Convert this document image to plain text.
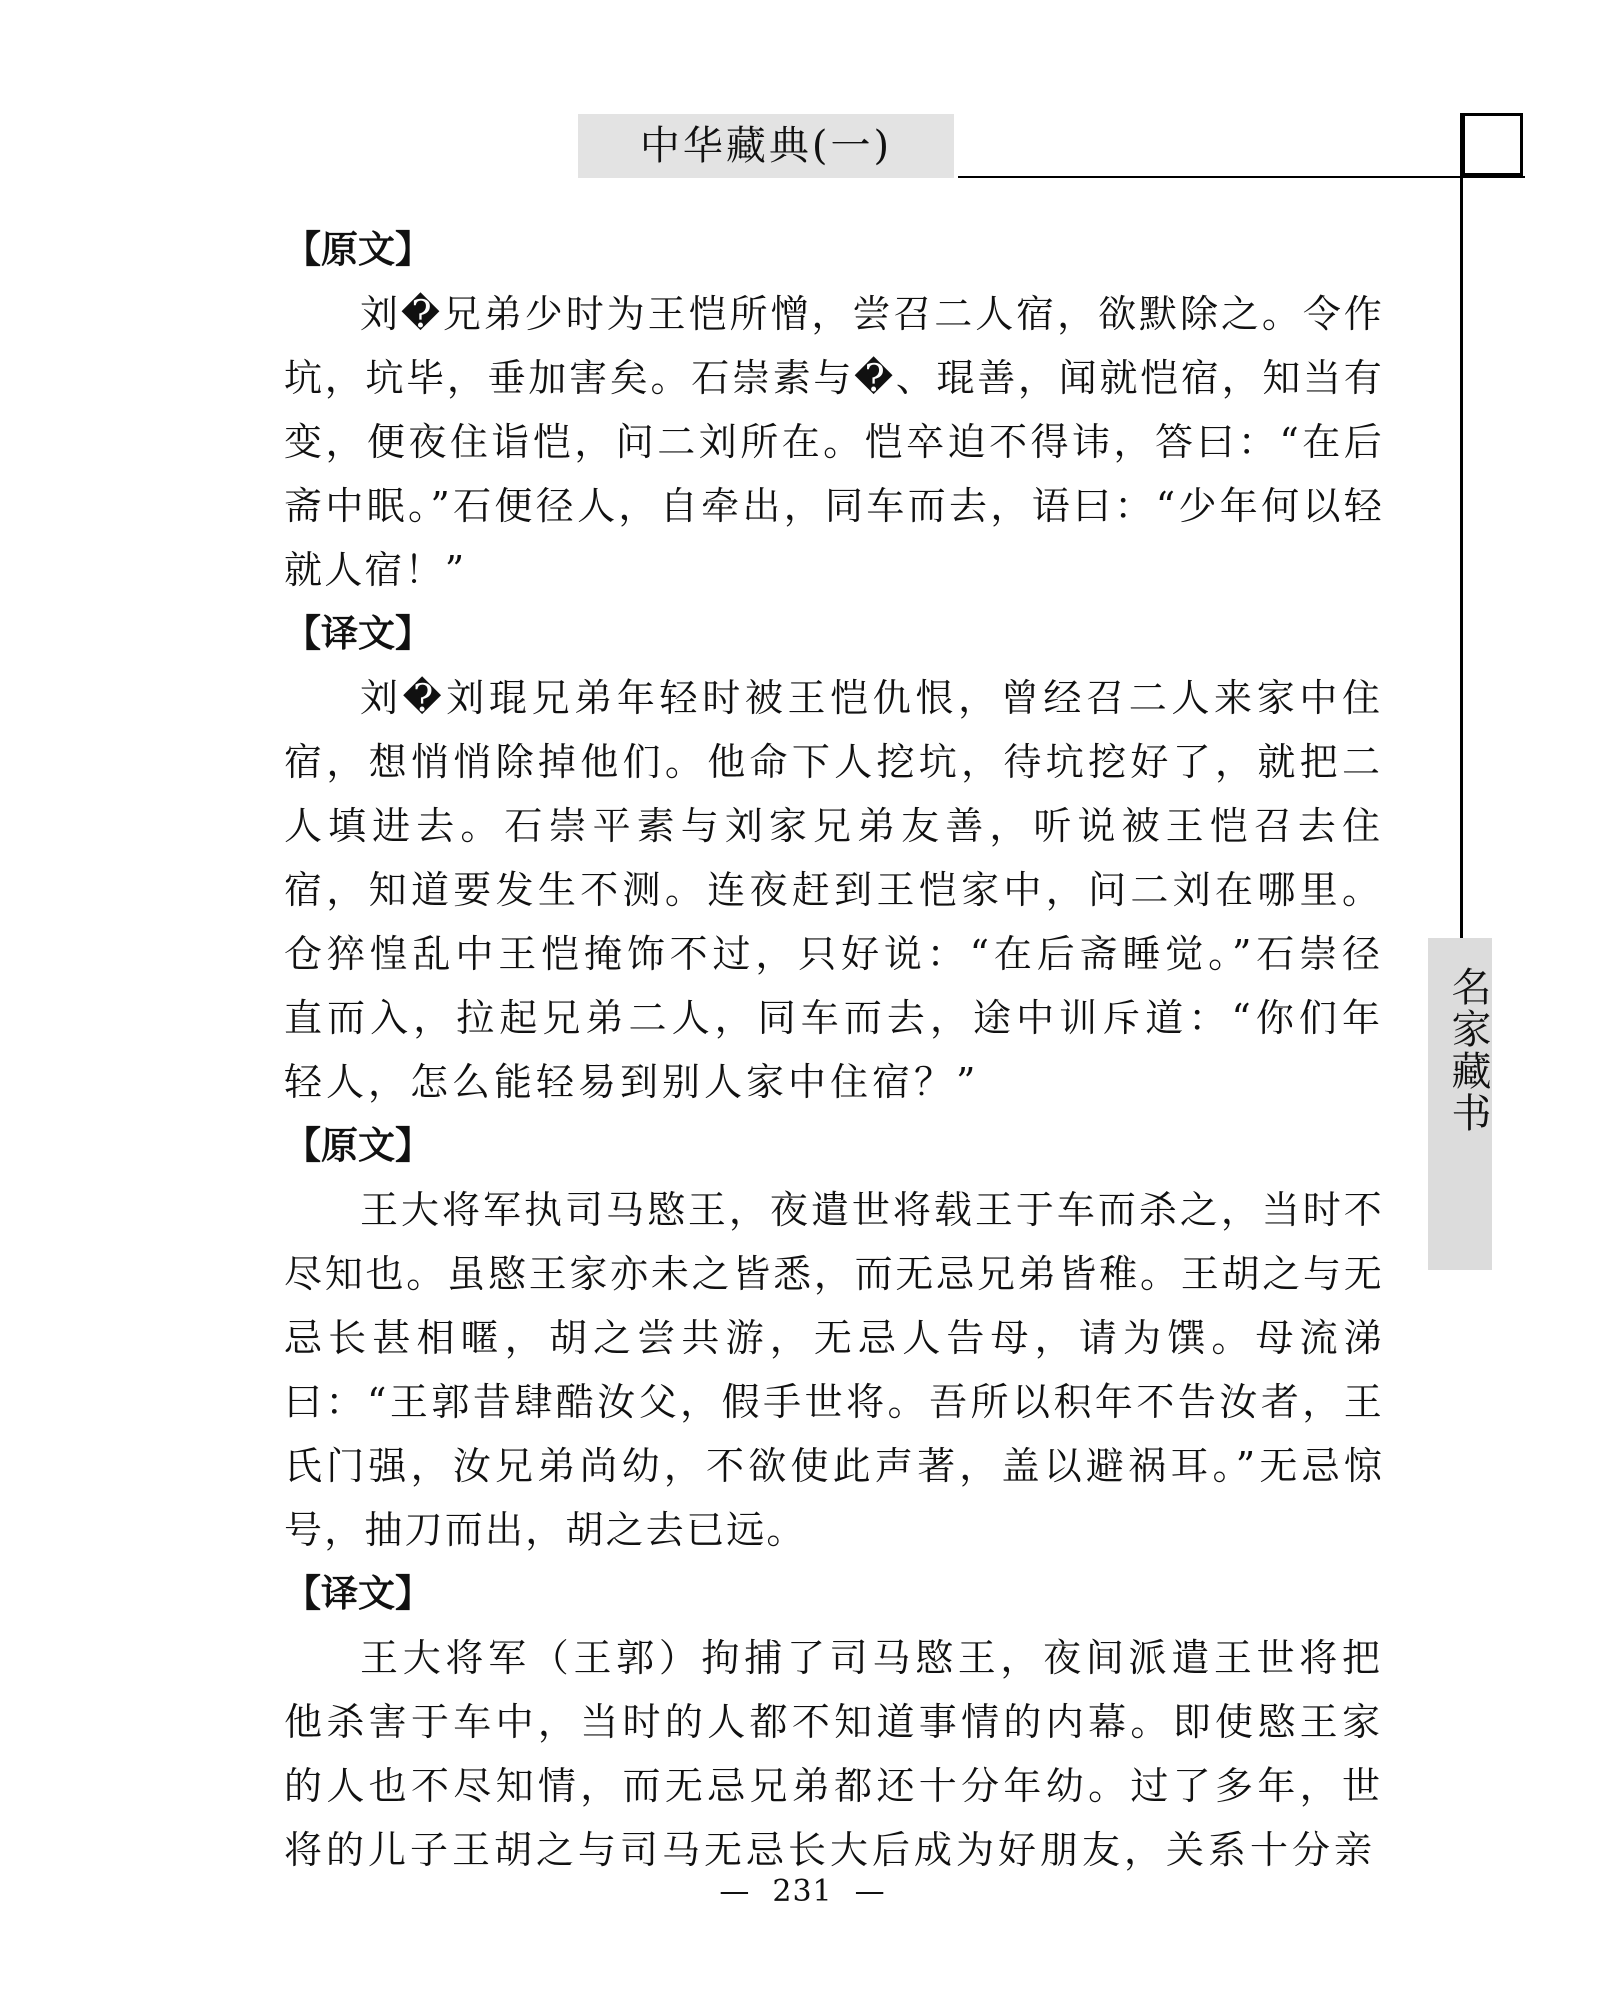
中华藏典(一)
名家藏书
【原文】

刘�兄弟少时为王恺所憎，尝召二人宿，欲默除之。令作坑，坑毕，垂加害矣。石崇素与�、琨善，闻就恺宿，知当有变，便夜住诣恺，问二刘所在。恺卒迫不得讳，答曰：“在后斋中眠。”石便径人，自牵出，同车而去，语曰：“少年何以轻就人宿！”

【译文】

刘�刘琨兄弟年轻时被王恺仇恨，曾经召二人来家中住宿，想悄悄除掉他们。他命下人挖坑，待坑挖好了，就把二人填进去。石崇平素与刘家兄弟友善，听说被王恺召去住宿，知道要发生不测。连夜赶到王恺家中，问二刘在哪里。仓猝惶乱中王恺掩饰不过，只好说：“在后斋睡觉。”石崇径直而入，拉起兄弟二人，同车而去，途中训斥道：“你们年轻人，怎么能轻易到别人家中住宿？”

【原文】

王大将军执司马愍王，夜遣世将载王于车而杀之，当时不尽知也。虽愍王家亦未之皆悉，而无忌兄弟皆稚。王胡之与无忌长甚相暱，胡之尝共游，无忌人告母，请为馔。母流涕曰：“王郭昔肆酷汝父，假手世将。吾所以积年不告汝者，王氏门强，汝兄弟尚幼，不欲使此声著，盖以避祸耳。”无忌惊号，抽刀而出，胡之去已远。

【译文】

王大将军（王郭）拘捕了司马愍王，夜间派遣王世将把他杀害于车中，当时的人都不知道事情的内幕。即使愍王家的人也不尽知情，而无忌兄弟都还十分年幼。过了多年，世将的儿子王胡之与司马无忌长大后成为好朋友，关系十分亲

— 231 —
